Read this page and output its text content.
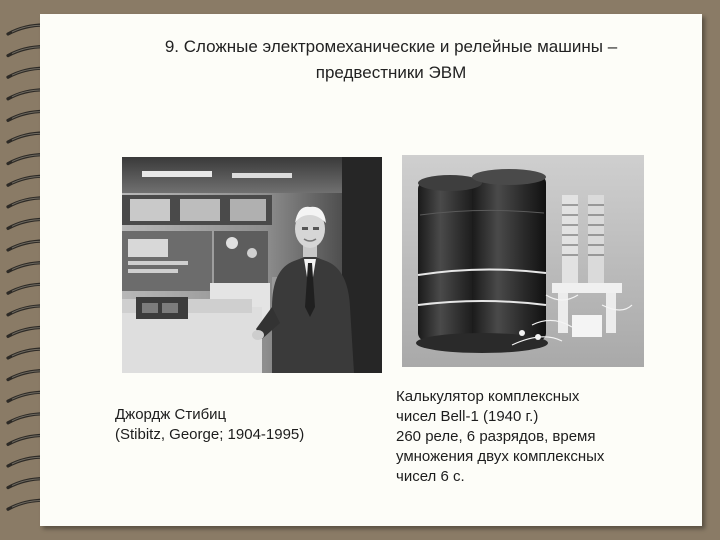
9. Сложные электромеханические и релейные машины –
предвестники ЭВМ
Джордж Стибиц
(Stibitz, George; 1904-1995)
Калькулятор комплексных
чисел Bell-1 (1940 г.)
260 реле, 6 разрядов, время
умножения двух комплексных
чисел 6 с.
